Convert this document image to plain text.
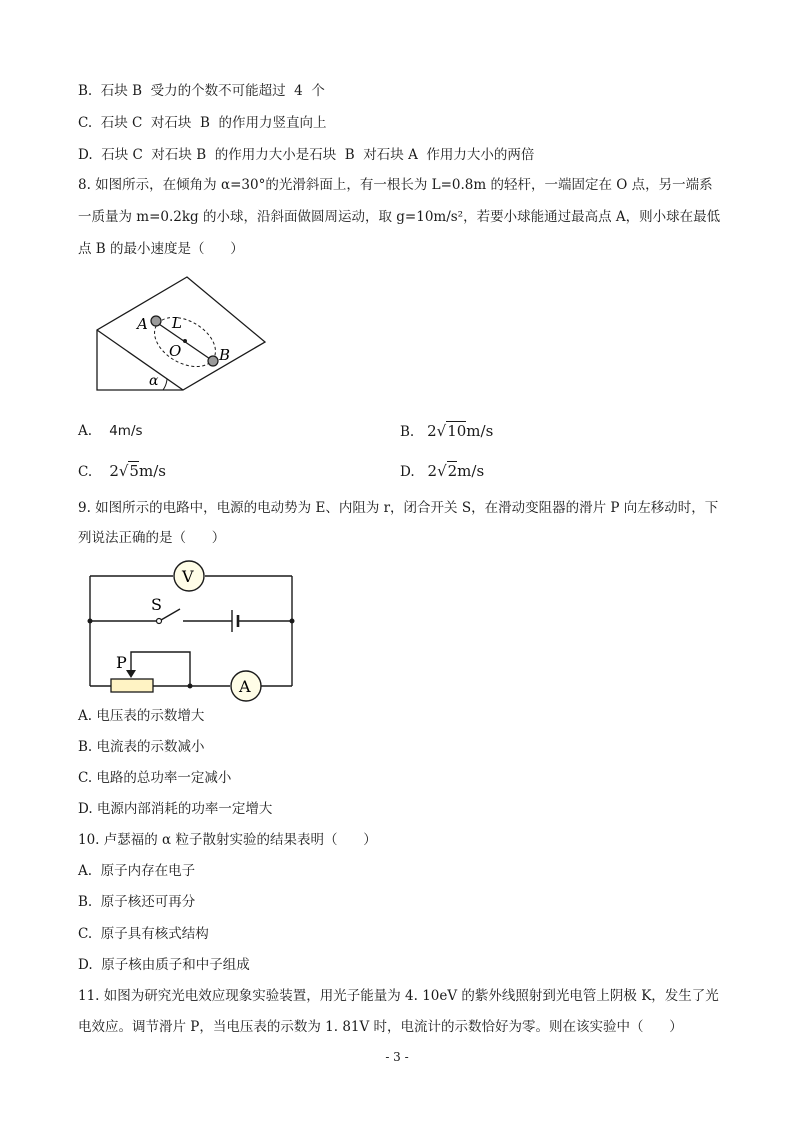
B.  石块 B  受力的个数不可能超过  4  个
C.  石块 C  对石块  B  的作用力竖直向上
D.  石块 C  对石块 B  的作用力大小是石块  B  对石块 A  作用力大小的两倍
8. 如图所示，在倾角为 α=30°的光滑斜面上，有一根长为 L=0.8m 的轻杆，一端固定在 O 点，另一端系
一质量为 m=0.2kg 的小球，沿斜面做圆周运动，取 g=10m/s²，若要小球能通过最高点 A，则小球在最低
点 B 的最小速度是（      ）
A L
O	B
α
A. 4m/s	B. 2√10m/s
C. 2√5m/s	D. 2√2m/s
9. 如图所示的电路中，电源的电动势为 E、内阻为 r，闭合开关 S，在滑动变阻器的滑片 P 向左移动时，下
列说法正确的是（      ）
V
S
P
A
A. 电压表的示数增大
B. 电流表的示数减小
C. 电路的总功率一定减小
D. 电源内部消耗的功率一定增大
10. 卢瑟福的 α 粒子散射实验的结果表明（      ）
A.  原子内存在电子
B.  原子核还可再分
C.  原子具有核式结构
D.  原子核由质子和中子组成
11. 如图为研究光电效应现象实验装置，用光子能量为 4. 10eV 的紫外线照射到光电管上阴极 K，发生了光
电效应。调节滑片 P，当电压表的示数为 1. 81V 时，电流计的示数恰好为零。则在该实验中（      ）
- 3 -
